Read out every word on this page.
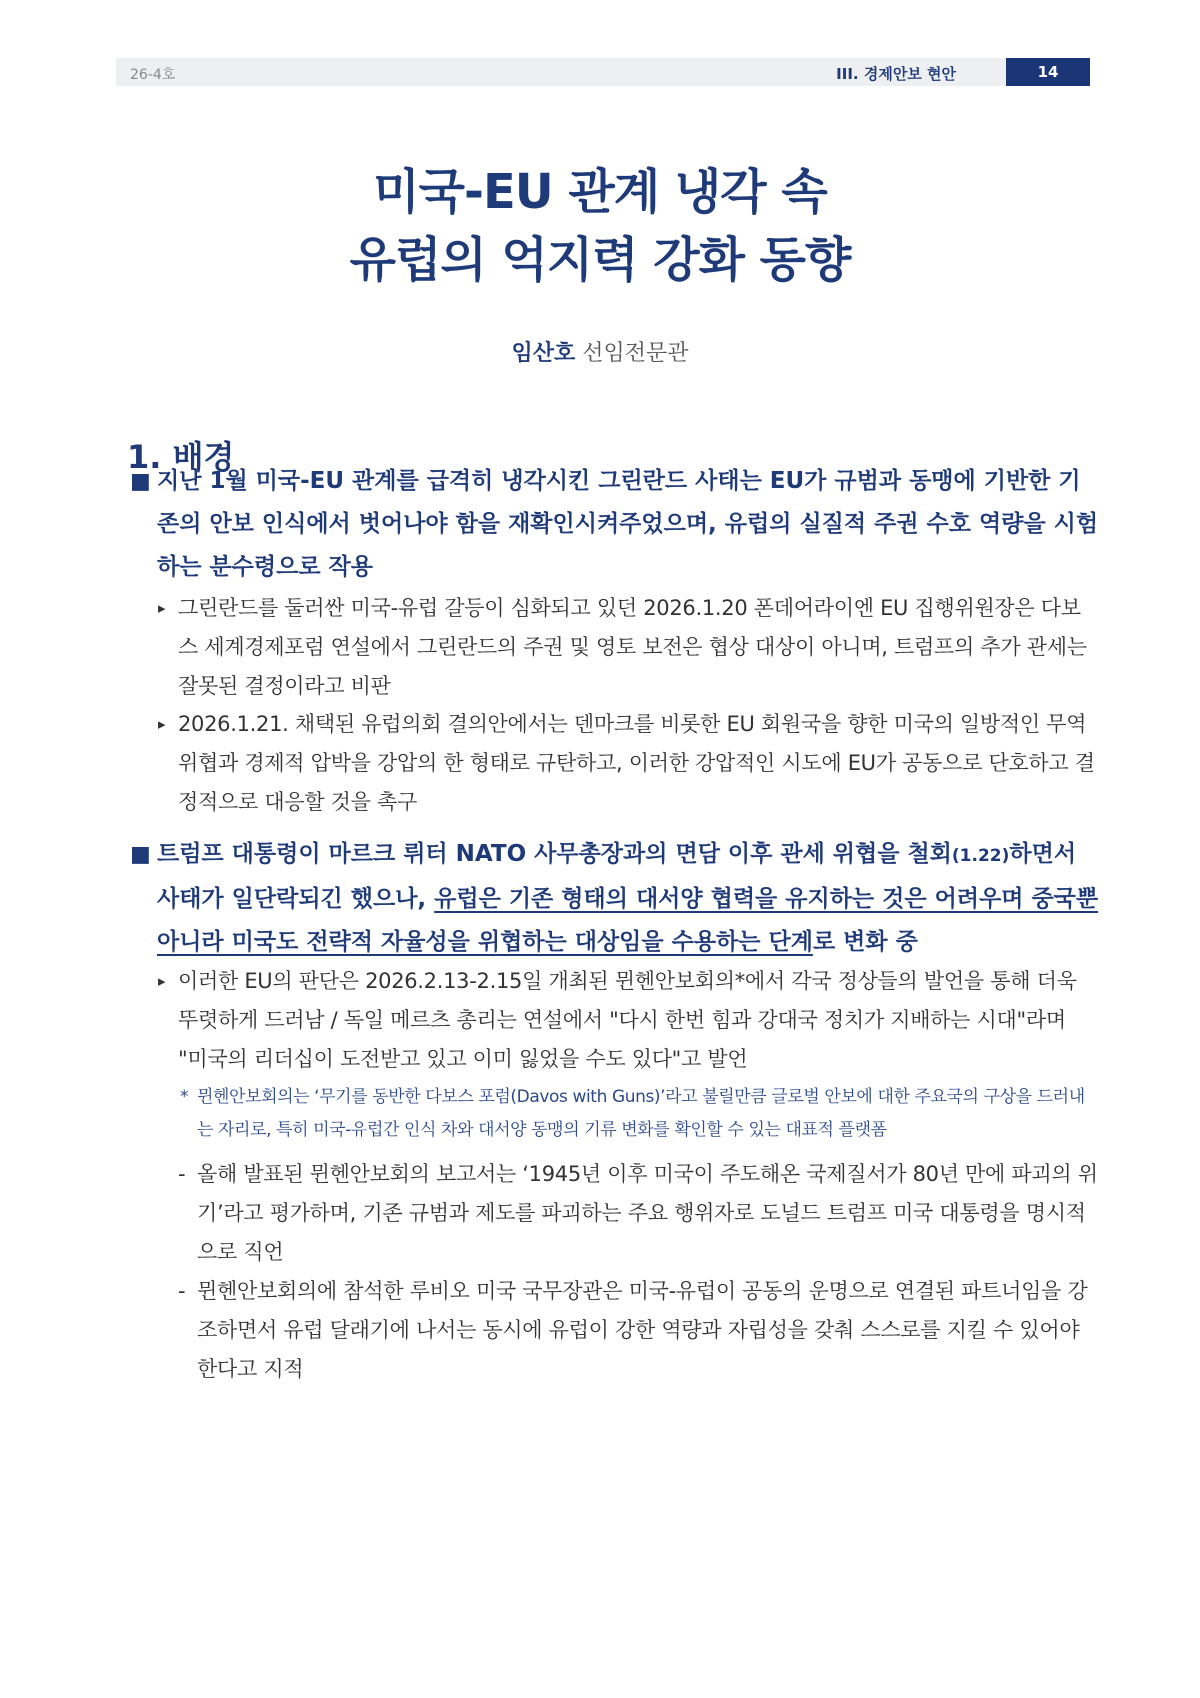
26-4호	III. 경제안보 현안	14
미국-EU 관계 냉각 속
유럽의 억지력 강화 동향
임산호 선임전문관
1. 배경
■ 지난 1월 미국-EU 관계를 급격히 냉각시킨 그린란드 사태는 EU가 규범과 동맹에 기반한 기존의 안보 인식에서 벗어나야 함을 재확인시켜주었으며, 유럽의 실질적 주권 수호 역량을 시험하는 분수령으로 작용
▸ 그린란드를 둘러싼 미국-유럽 갈등이 심화되고 있던 2026.1.20 폰데어라이엔 EU 집행위원장은 다보스 세계경제포럼 연설에서 그린란드의 주권 및 영토 보전은 협상 대상이 아니며, 트럼프의 추가 관세는 잘못된 결정이라고 비판
▸ 2026.1.21. 채택된 유럽의회 결의안에서는 덴마크를 비롯한 EU 회원국을 향한 미국의 일방적인 무역 위협과 경제적 압박을 강압의 한 형태로 규탄하고, 이러한 강압적인 시도에 EU가 공동으로 단호하고 결정적으로 대응할 것을 촉구
■ 트럼프 대통령이 마르크 뤼터 NATO 사무총장과의 면담 이후 관세 위협을 철회(1.22)하면서 사태가 일단락되긴 했으나, 유럽은 기존 형태의 대서양 협력을 유지하는 것은 어려우며 중국뿐 아니라 미국도 전략적 자율성을 위협하는 대상임을 수용하는 단계로 변화 중
▸ 이러한 EU의 판단은 2026.2.13-2.15일 개최된 뮌헨안보회의*에서 각국 정상들의 발언을 통해 더욱 뚜렷하게 드러남 / 독일 메르츠 총리는 연설에서 "다시 한번 힘과 강대국 정치가 지배하는 시대"라며 "미국의 리더십이 도전받고 있고 이미 잃었을 수도 있다"고 발언
* 뮌헨안보회의는 ‘무기를 동반한 다보스 포럼(Davos with Guns)’라고 불릴만큼 글로벌 안보에 대한 주요국의 구상을 드러내는 자리로, 특히 미국-유럽간 인식 차와 대서양 동맹의 기류 변화를 확인할 수 있는 대표적 플랫폼
- 올해 발표된 뮌헨안보회의 보고서는 ‘1945년 이후 미국이 주도해온 국제질서가 80년 만에 파괴의 위기’라고 평가하며, 기존 규범과 제도를 파괴하는 주요 행위자로 도널드 트럼프 미국 대통령을 명시적으로 직언
- 뮌헨안보회의에 참석한 루비오 미국 국무장관은 미국-유럽이 공동의 운명으로 연결된 파트너임을 강조하면서 유럽 달래기에 나서는 동시에 유럽이 강한 역량과 자립성을 갖춰 스스로를 지킬 수 있어야 한다고 지적
